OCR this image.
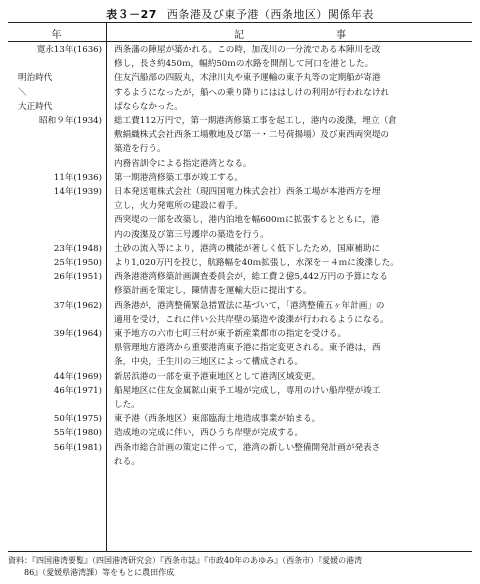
表３－27 西条港及び東予港（西条地区）関係年表
年	記	事
寛永13年(1636)	西条藩の陣屋が築かれる。この時，加茂川の一分流である本陣川を改
修し，長さ約450ｍ，幅約50ｍの水路を開削して河口を港とした。
明治時代	住友汽船部の四阪丸，木津川丸や東予運輸の東予丸等の定期船が寄港
＼	するようになったが，船への乗り降りにははしけの利用が行われなけれ
大正時代	ばならなかった。
昭和９年(1934)	総工費112万円で，第一期港湾修築工事を起工し，港内の浚渫，埋立（倉
敷絹織株式会社西条工場敷地及び第一・二号荷揚場）及び東西両突堤の
築造を行う。
内務省訓令による指定港湾となる。
11年(1936)	第一期港湾修築工事が竣工する。
14年(1939)	日本発送電株式会社（現四国電力株式会社）西条工場が本港西方を埋
立し，火力発電所の建設に着手。
西突堤の一部を改築し，港内泊地を幅600ｍに拡張するとともに，港
内の浚渫及び第三号護岸の築造を行う。
23年(1948)	土砂の流入等により，港湾の機能が著しく低下したため，国庫補助に
25年(1950)	より1,020万円を投じ，航路幅を40ｍ拡張し，水深を－４ｍに浚渫した。
26年(1951)	西条港港湾修築計画調査委員会が，総工費２億5,442万円の予算になる
修築計画を策定し，陳情書を運輸大臣に提出する。
37年(1962)	西条港が，港湾整備緊急措置法に基づいて，「港湾整備五ヶ年計画」の
適用を受け，これに伴い公共岸壁の築造や浚渫が行われるようになる。
39年(1964)	東予地方の六市七町三村が東予新産業都市の指定を受ける。
県管理地方港湾から重要港湾東予港に指定変更される。東予港は，西
条，中央，壬生川の三地区によって構成される。
44年(1969)	新居浜港の一部を東予港東地区として港湾区域変更。
46年(1971)	船屋地区に住友金属鉱山東予工場が完成し，専用のけい船岸壁が竣工
した。
50年(1975)	東予港（西条地区）東部臨海土地造成事業が始まる。
55年(1980)	造成地の完成に伴い，西ひうち岸壁が完成する。
56年(1981)	西条市総合計画の策定に伴って，港湾の新しい整備開発計画が発表さ
れる。
資料：『四国港湾要覧』（四国港湾研究会）『西条市誌』『市政40年のあゆみ』（西条市）『愛媛の港湾
　　86』（愛媛県港湾課）等をもとに農田作成
